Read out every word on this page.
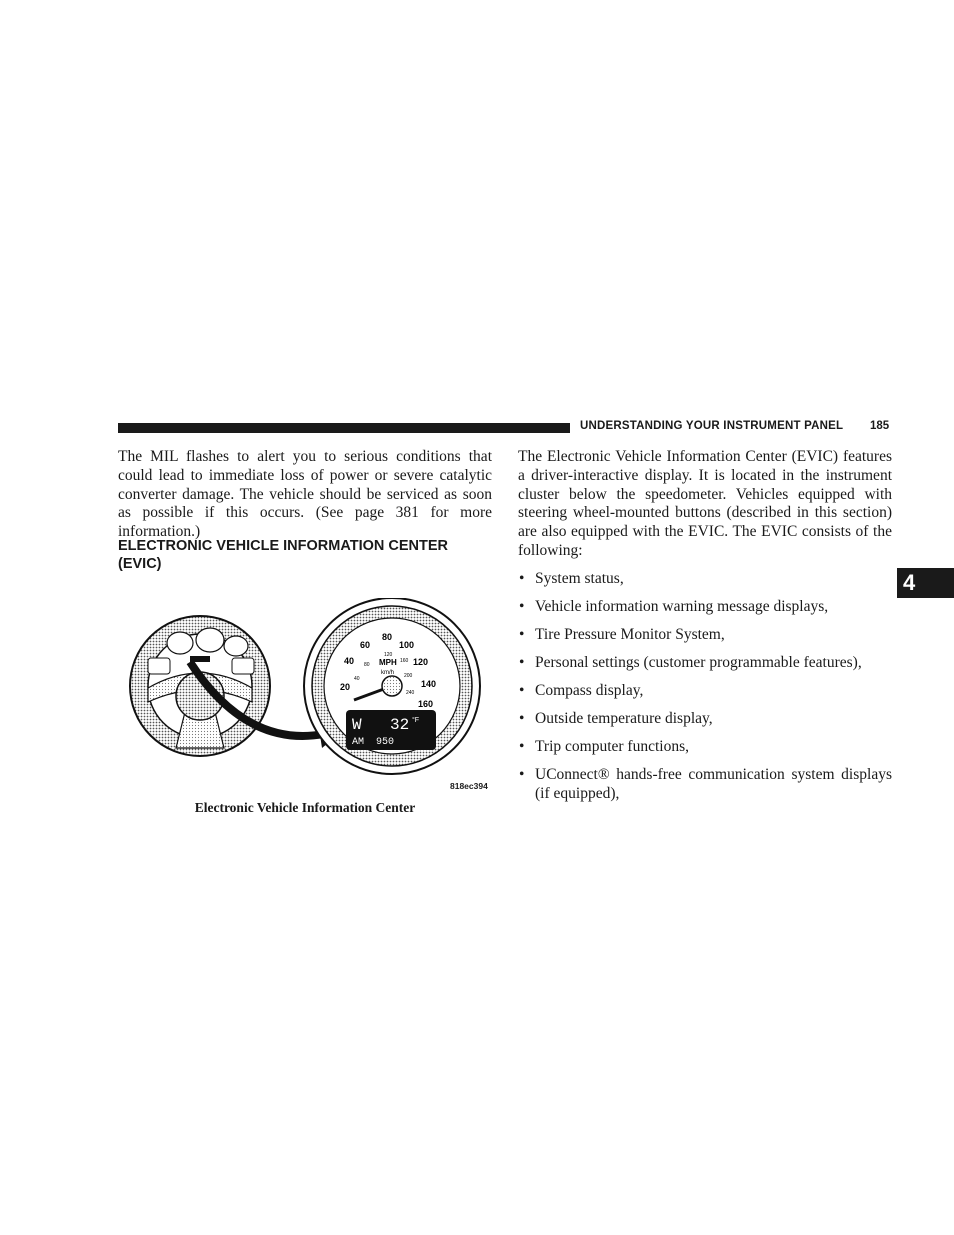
UNDERSTANDING YOUR INSTRUMENT PANEL 185
4

The MIL flashes to alert you to serious conditions that could lead to immediate loss of power or severe catalytic converter damage. The vehicle should be serviced as soon as possible if this occurs. (See page 381 for more information.)

ELECTRONIC VEHICLE INFORMATION CENTER (EVIC)
20
40
60
80
100
120
140
160
MPH
km/h
40
80
120
160
200
240
W 32 °F
AM 950
818ec394
Electronic Vehicle Information Center

The Electronic Vehicle Information Center (EVIC) features a driver-interactive display. It is located in the instrument cluster below the speedometer. Vehicles equipped with steering wheel-mounted buttons (described in this section) are also equipped with the EVIC. The EVIC consists of the following:

• System status,
• Vehicle information warning message displays,
• Tire Pressure Monitor System,
• Personal settings (customer programmable features),
• Compass display,
• Outside temperature display,
• Trip computer functions,
• UConnect® hands-free communication system displays (if equipped),
